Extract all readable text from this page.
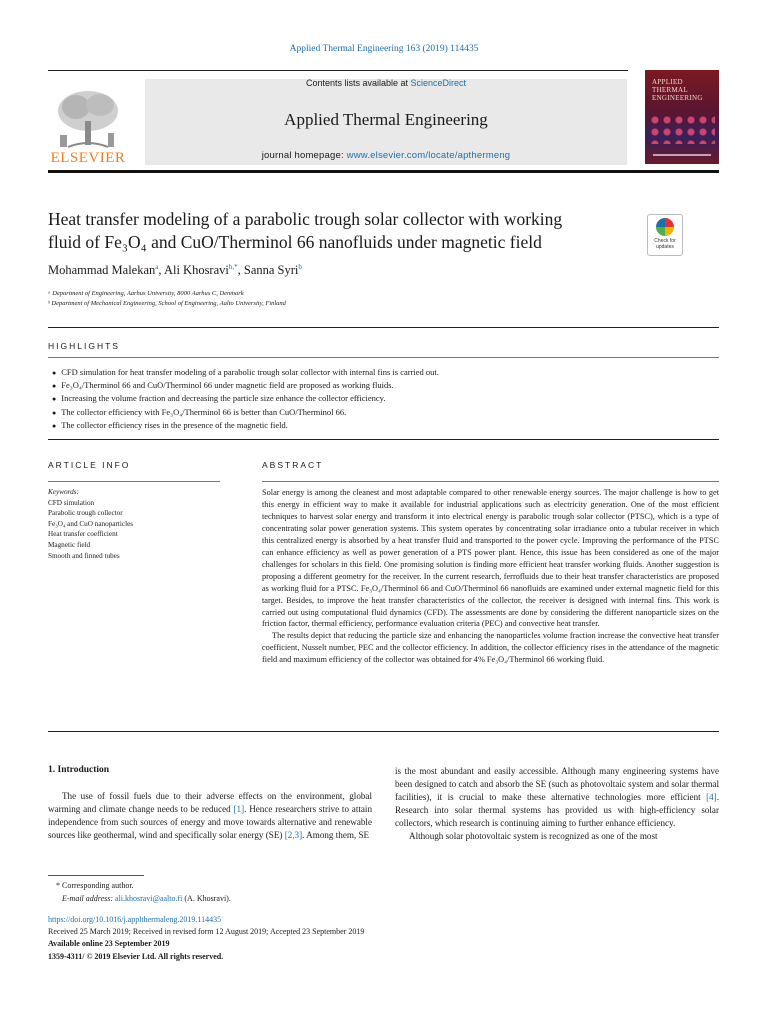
Applied Thermal Engineering 163 (2019) 114435
Contents lists available at ScienceDirect
Applied Thermal Engineering
journal homepage: www.elsevier.com/locate/apthermeng
ELSEVIER
APPLIED
THERMAL
ENGINEERING
Heat transfer modeling of a parabolic trough solar collector with working
fluid of Fe₃O₄ and CuO/Therminol 66 nanofluids under magnetic field	Check for
updates
Mohammad Malekan$^a$, Ali Khosravi$^{b,*}$, Sanna Syri$^b$
ᵃ Department of Engineering, Aarhus University, 8000 Aarhus C, Denmark
ᵇ Department of Mechanical Engineering, School of Engineering, Aalto University, Finland
HIGHLIGHTS
● CFD simulation for heat transfer modeling of a parabolic trough solar collector with internal fins is carried out.
● Fe₃O₄/Therminol 66 and CuO/Therminol 66 under magnetic field are proposed as working fluids.
● Increasing the volume fraction and decreasing the particle size enhance the collector efficiency.
● The collector efficiency with Fe₃O₄/Therminol 66 is better than CuO/Therminol 66.
● The collector efficiency rises in the presence of the magnetic field.
ARTICLE INFO
Keywords:
CFD simulation
Parabolic trough collector
Fe₃O₄ and CuO nanoparticles
Heat transfer coefficient
Magnetic field
Smooth and finned tubes
ABSTRACT

Solar energy is among the cleanest and most adaptable compared to other renewable energy sources. The major challenge is how to get this energy in efficient way to make it available for industrial applications such as electricity generation. One of the most efficient techniques to harvest solar energy and transform it into electrical energy is parabolic trough solar collector (PTSC), which is a type of concentrating solar power generation systems. This system operates by concentrating solar irradiance onto a tubular receiver in which this centralized energy is absorbed by a heat transfer fluid and transported to the power cycle. Improving the performance of the PTSC can enhance efficiency as well as power generation of a PTS power plant. Hence, this issue has been considered as one of the major challenges for scholars in this field. One promising solution is finding more efficient heat transfer working fluids. Another suggestion is proposing a different geometry for the receiver. In the current research, ferrofluids due to their heat transfer characteristics are proposed as working fluid for a PTSC. Fe₃O₄/Therminol 66 and CuO/Therminol 66 nanofluids are examined under external magnetic field for this target. Besides, to improve the heat transfer characteristics of the collector, the receiver is designed with internal fins. This work is carried out using computational fluid dynamics (CFD). The assessments are done by considering the different nanoparticle sizes on the friction factor, thermal efficiency, performance evaluation criteria (PEC) and convective heat transfer.

The results depict that reducing the particle size and enhancing the nanoparticles volume fraction increase the convective heat transfer coefficient, Nusselt number, PEC and the collector efficiency. In addition, the collector efficiency rises in the attendance of the magnetic field and maximum efficiency of the collector was obtained for 4% Fe₃O₄/Therminol 66 working fluid.

1. Introduction

The use of fossil fuels due to their adverse effects on the environment, global warming and climate change needs to be reduced [1]. Hence researchers strive to attain independence from such sources of energy and move towards alternative and renewable sources like geothermal, wind and specifically solar energy (SE) [2,3]. Among them, SE

is the most abundant and easily accessible. Although many engineering systems have been designed to catch and absorb the SE (such as photovoltaic system and solar thermal facilities), it is crucial to make these alternative technologies more efficient [4]. Research into solar thermal systems has provided us with high-efficiency solar collectors, which research is continuing aiming to further enhance efficiency.

Although solar photovoltaic system is recognized as one of the most

* Corresponding author.
E-mail address: ali.khosravi@aalto.fi (A. Khosravi).
https://doi.org/10.1016/j.applthermaleng.2019.114435
Received 25 March 2019; Received in revised form 12 August 2019; Accepted 23 September 2019
Available online 23 September 2019
1359-4311/ © 2019 Elsevier Ltd. All rights reserved.
